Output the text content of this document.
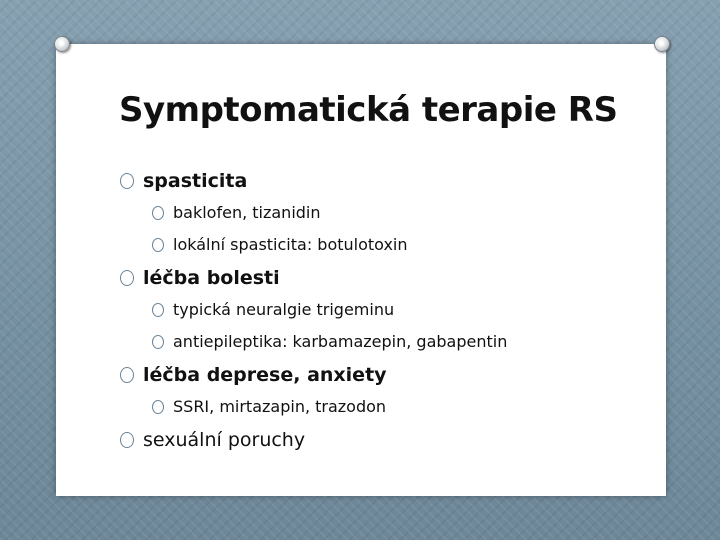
Symptomatická terapie RS
spasticita
baklofen, tizanidin
lokální spasticita: botulotoxin
léčba bolesti
typická neuralgie trigeminu
antiepileptika: karbamazepin, gabapentin
léčba deprese, anxiety
SSRI, mirtazapin, trazodon
sexuální poruchy
